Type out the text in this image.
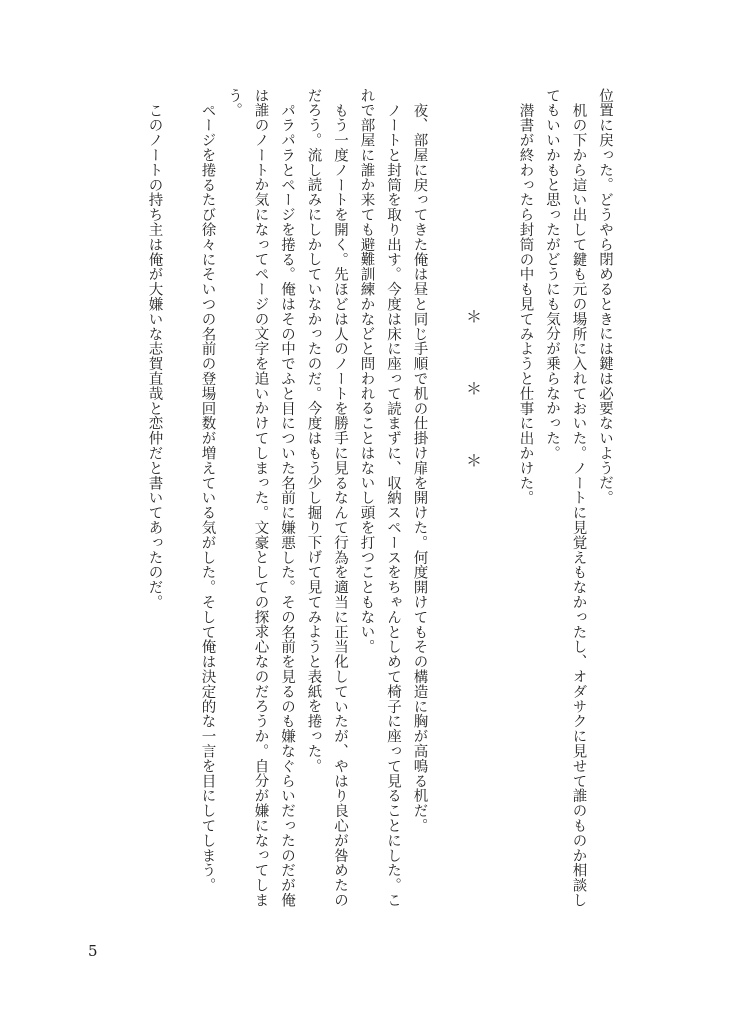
位置に戻った。どうやら閉めるときには鍵は必要ないようだ。

机の下から這い出して鍵も元の場所に入れておいた。ノートに見覚えもなかったし、オダサクに見せて誰のものか相談してもいいかもと思ったがどうにも気分が乗らなかった。

潜書が終わったら封筒の中も見てみようと仕事に出かけた。

＊
＊
＊

夜、部屋に戻ってきた俺は昼と同じ手順で机の仕掛け扉を開けた。何度開けてもその構造に胸が高鳴る机だ。

ノートと封筒を取り出す。今度は床に座って読まずに、収納スペースをちゃんとしめて椅子に座って見ることにした。これで部屋に誰か来ても避難訓練かなどと問われることはないし頭を打つこともない。

もう一度ノートを開く。先ほどは人のノートを勝手に見るなんて行為を適当に正当化していたが、やはり良心が咎めたのだろう。流し読みにしかしていなかったのだ。今度はもう少し掘り下げて見てみようと表紙を捲った。

パラパラとページを捲る。俺はその中でふと目についた名前に嫌悪した。その名前を見るのも嫌なぐらいだったのだが俺は誰のノートか気になってページの文字を追いかけてしまった。文豪としての探求心なのだろうか。自分が嫌になってしまう。

ページを捲るたび徐々にそいつの名前の登場回数が増えている気がした。そして俺は決定的な一言を目にしてしまう。

このノートの持ち主は俺が大嫌いな志賀直哉と恋仲だと書いてあったのだ。

5
